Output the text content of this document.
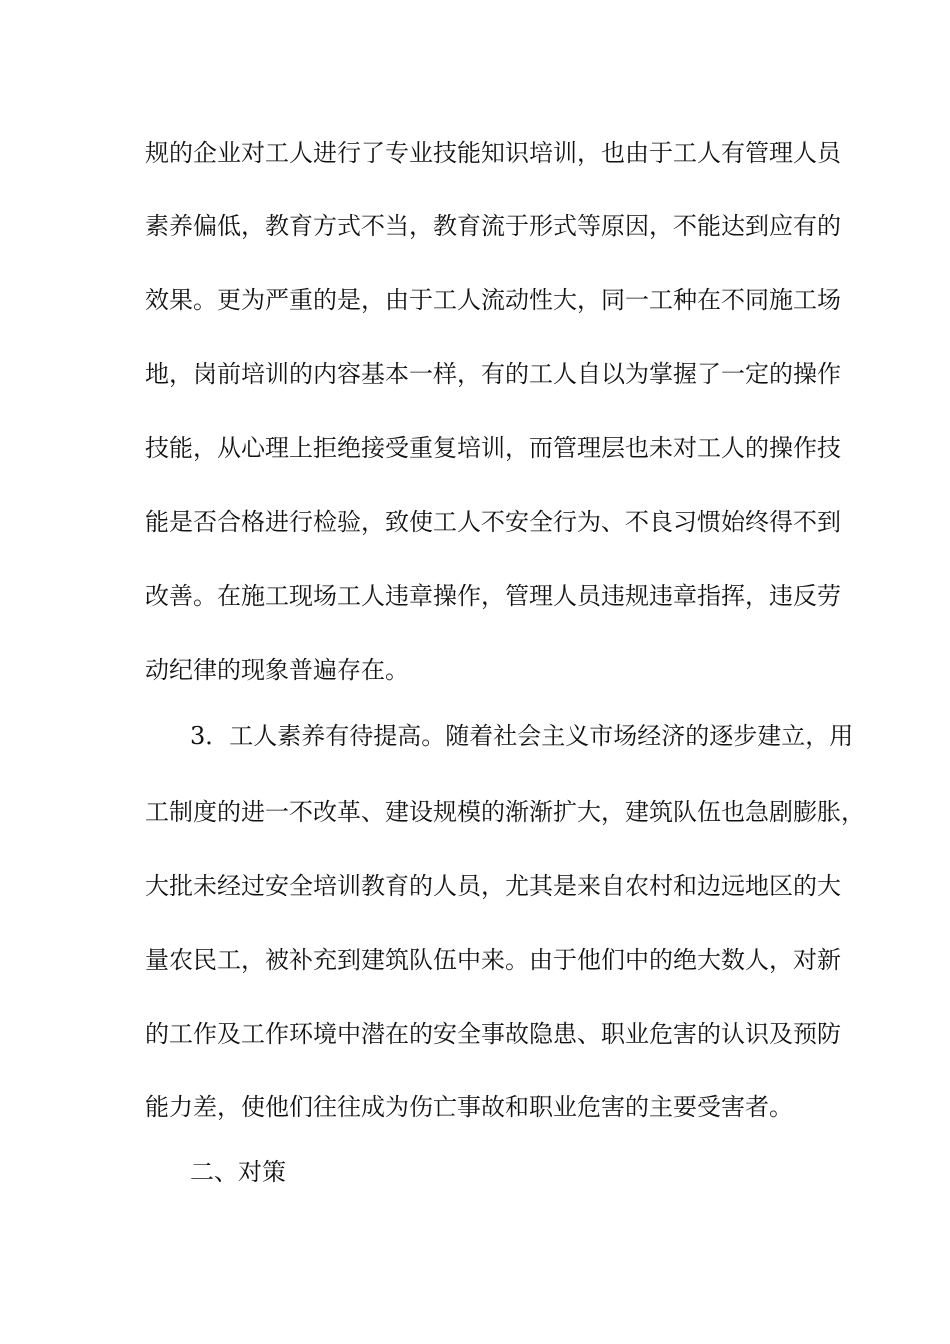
规的企业对工人进行了专业技能知识培训，也由于工人有管理人员
素养偏低，教育方式不当，教育流于形式等原因，不能达到应有的
效果。更为严重的是，由于工人流动性大，同一工种在不同施工场
地，岗前培训的内容基本一样，有的工人自以为掌握了一定的操作
技能，从心理上拒绝接受重复培训，而管理层也未对工人的操作技
能是否合格进行检验，致使工人不安全行为、不良习惯始终得不到
改善。在施工现场工人违章操作，管理人员违规违章指挥，违反劳
动纪律的现象普遍存在。
3．工人素养有待提高。随着社会主义市场经济的逐步建立，用
工制度的进一不改革、建设规模的渐渐扩大，建筑队伍也急剧膨胀，
大批未经过安全培训教育的人员，尤其是来自农村和边远地区的大
量农民工，被补充到建筑队伍中来。由于他们中的绝大数人，对新
的工作及工作环境中潜在的安全事故隐患、职业危害的认识及预防
能力差，使他们往往成为伤亡事故和职业危害的主要受害者。
二、对策
